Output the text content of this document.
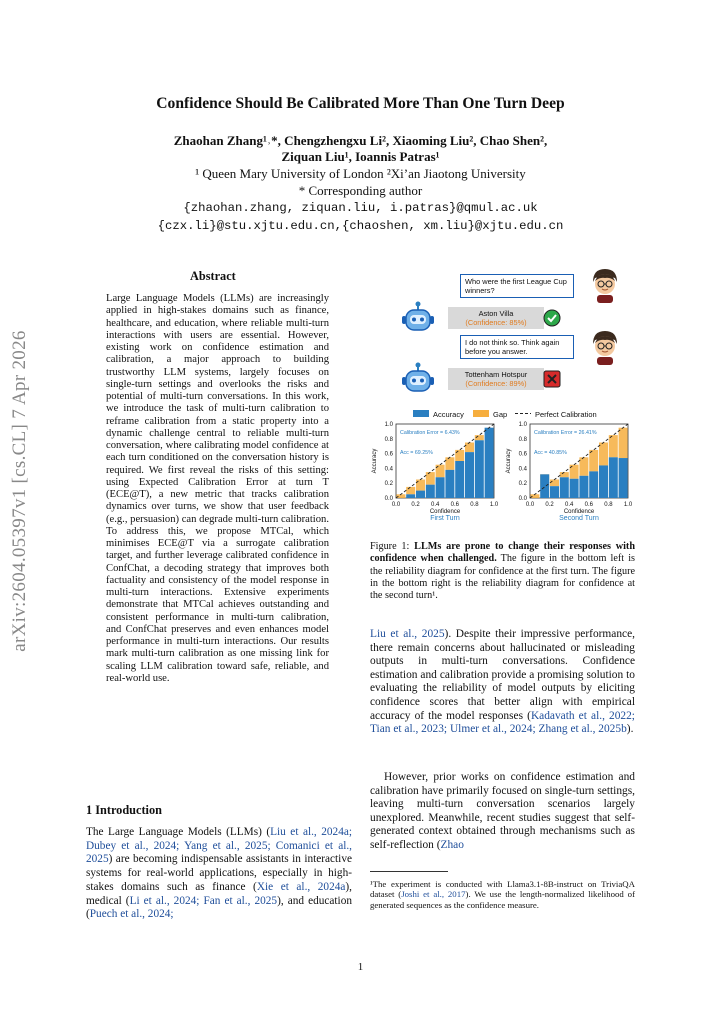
arXiv:2604.05397v1 [cs.CL] 7 Apr 2026
Confidence Should Be Calibrated More Than One Turn Deep
Zhaohan Zhang¹˒*, Chengzhengxu Li², Xiaoming Liu², Chao Shen²,
Ziquan Liu¹, Ioannis Patras¹
¹ Queen Mary University of London ²Xi’an Jiaotong University
* Corresponding author
{zhaohan.zhang, ziquan.liu, i.patras}@qmul.ac.uk
{czx.li}@stu.xjtu.edu.cn,{chaoshen, xm.liu}@xjtu.edu.cn
Abstract
Large Language Models (LLMs) are increasingly applied in high-stakes domains such as finance, healthcare, and education, where reliable multi-turn interactions with users are essential. However, existing work on confidence estimation and calibration, a major approach to building trustworthy LLM systems, largely focuses on single-turn settings and overlooks the risks and potential of multi-turn conversations. In this work, we introduce the task of multi-turn calibration to reframe calibration from a static property into a dynamic challenge central to reliable multi-turn conversation, where calibrating model confidence at each turn conditioned on the conversation history is required. We first reveal the risks of this setting: using Expected Calibration Error at turn T (ECE@T), a new metric that tracks calibration dynamics over turns, we show that user feedback (e.g., persuasion) can degrade multi-turn calibration. To address this, we propose MTCal, which minimises ECE@T via a surrogate calibration target, and further leverage calibrated confidence in ConfChat, a decoding strategy that improves both factuality and consistency of the model response in multi-turn interactions. Extensive experiments demonstrate that MTCal achieves outstanding and consistent performance in multi-turn calibration, and ConfChat preserves and even enhances model performance in multi-turn interactions. Our results mark multi-turn calibration as one missing link for scaling LLM calibration toward safe, reliable, and real-world use.
1 Introduction
The Large Language Models (LLMs) (Liu et al., 2024a; Dubey et al., 2024; Yang et al., 2025; Comanici et al., 2025) are becoming indispensable assistants in interactive systems for real-world applications, especially in high-stakes domains such as finance (Xie et al., 2024a), medical (Li et al., 2024; Fan et al., 2025), and education (Puech et al., 2024;
Who were the first League Cup winners?
Aston Villa
(Confidence: 85%)
I do not think so. Think again before you answer.
Tottenham Hotspur
(Confidence: 89%)
Accuracy	Gap	Perfect Calibration
0.0 0.2 0.4 0.6 0.8 1.0
0.0
0.2
0.4
0.6
0.8
1.0
Confidence
First Turn
Accuracy
Calibration Error = 6.43%
Acc = 69.25%
0.0 0.2 0.4 0.6 0.8 1.0
0.0
0.2
0.4
0.6
0.8
1.0
Confidence
Second Turn
Accuracy
Calibration Error = 26.41%
Acc = 40.85%
Figure 1: LLMs are prone to change their responses with confidence when challenged. The figure in the bottom left is the reliability diagram for confidence at the first turn. The figure in the bottom right is the reliability diagram for confidence at the second turn¹.
Liu et al., 2025). Despite their impressive performance, there remain concerns about hallucinated or misleading outputs in multi-turn conversations. Confidence estimation and calibration provide a promising solution to evaluating the reliability of model outputs by eliciting confidence scores that better align with empirical accuracy of the model responses (Kadavath et al., 2022; Tian et al., 2023; Ulmer et al., 2024; Zhang et al., 2025b).
However, prior works on confidence estimation and calibration have primarily focused on single-turn settings, leaving multi-turn conversation scenarios largely unexplored. Meanwhile, recent studies suggest that self-generated context obtained through mechanisms such as self-reflection (Zhao
¹The experiment is conducted with Llama3.1-8B-instruct on TriviaQA dataset (Joshi et al., 2017). We use the length-normalized likelihood of generated sequences as the confidence measure.
1
